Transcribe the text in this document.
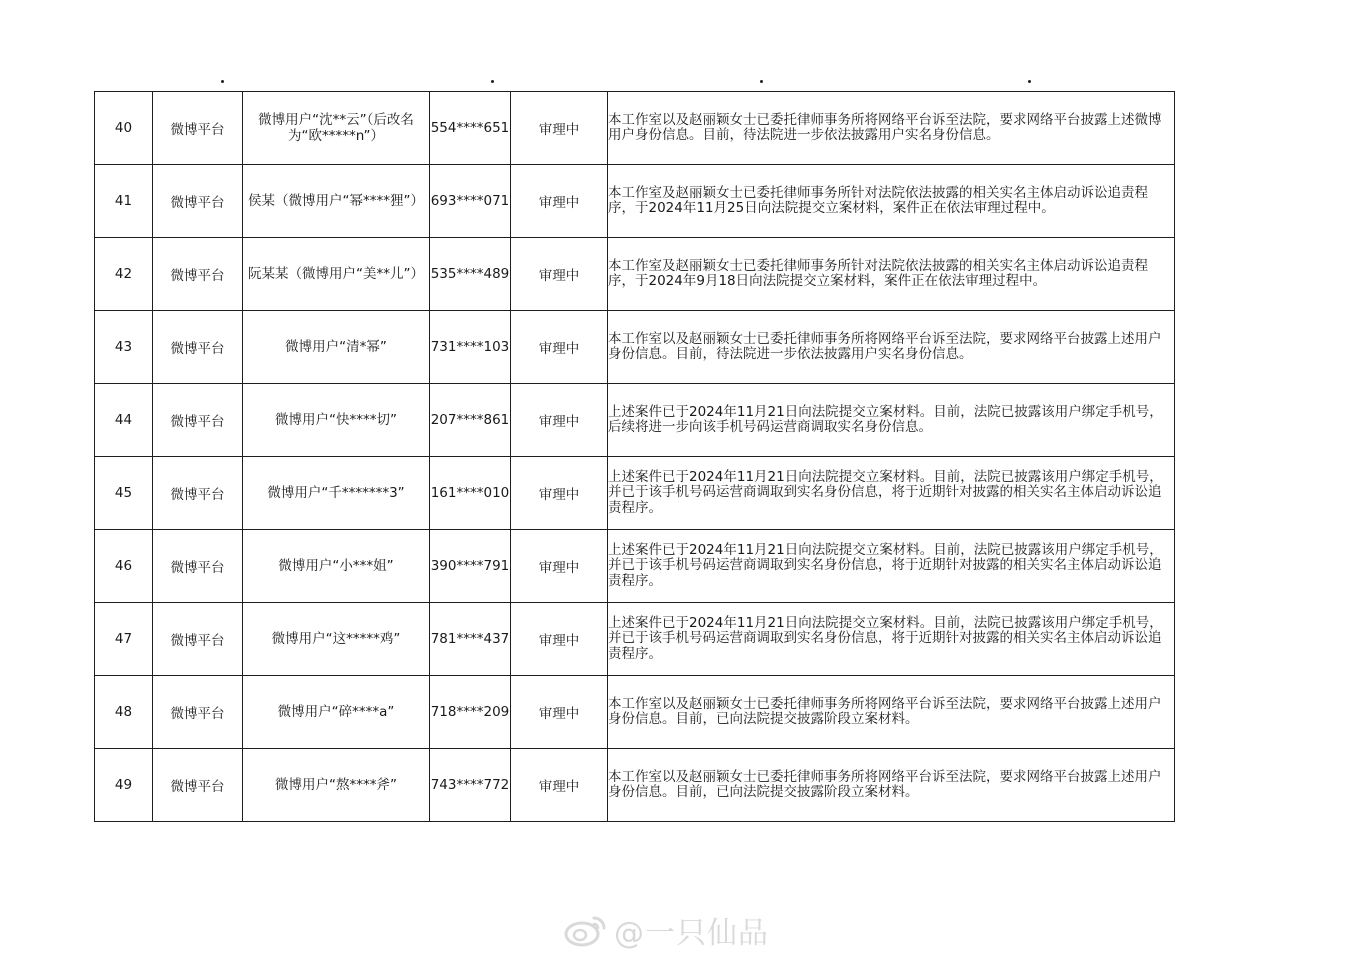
40	微博平台	微博用户“沈**云”（后改名为“欧*****n”）	554****651	审理中		本工作室以及赵丽颖女士已委托律师事务所将网络平台诉至法院，要求网络平台披露上述微博用户身份信息。目前，待法院进一步依法披露用户实名身份信息。
41	微博平台	侯某（微博用户“幂****狸”）	693****071	审理中		本工作室及赵丽颖女士已委托律师事务所针对法院依法披露的相关实名主体启动诉讼追责程序，于2024年11月25日向法院提交立案材料，案件正在依法审理过程中。
42	微博平台	阮某某（微博用户“美**儿”）	535****489	审理中		本工作室及赵丽颖女士已委托律师事务所针对法院依法披露的相关实名主体启动诉讼追责程序，于2024年9月18日向法院提交立案材料，案件正在依法审理过程中。
43	微博平台	微博用户“清*幂”	731****103	审理中		本工作室以及赵丽颖女士已委托律师事务所将网络平台诉至法院，要求网络平台披露上述用户身份信息。目前，待法院进一步依法披露用户实名身份信息。
44	微博平台	微博用户“快****切”	207****861	审理中		上述案件已于2024年11月21日向法院提交立案材料。目前，法院已披露该用户绑定手机号，后续将进一步向该手机号码运营商调取实名身份信息。
45	微博平台	微博用户“千*******3”	161****010	审理中		上述案件已于2024年11月21日向法院提交立案材料。目前，法院已披露该用户绑定手机号，并已于该手机号码运营商调取到实名身份信息，将于近期针对披露的相关实名主体启动诉讼追责程序。
46	微博平台	微博用户“小***姐”	390****791	审理中		上述案件已于2024年11月21日向法院提交立案材料。目前，法院已披露该用户绑定手机号，并已于该手机号码运营商调取到实名身份信息，将于近期针对披露的相关实名主体启动诉讼追责程序。
47	微博平台	微博用户“这*****鸡”	781****437	审理中		上述案件已于2024年11月21日向法院提交立案材料。目前，法院已披露该用户绑定手机号，并已于该手机号码运营商调取到实名身份信息，将于近期针对披露的相关实名主体启动诉讼追责程序。
48	微博平台	微博用户“碎****a”	718****209	审理中		本工作室以及赵丽颖女士已委托律师事务所将网络平台诉至法院，要求网络平台披露上述用户身份信息。目前，已向法院提交披露阶段立案材料。
49	微博平台	微博用户“熬****斧”	743****772	审理中		本工作室以及赵丽颖女士已委托律师事务所将网络平台诉至法院，要求网络平台披露上述用户身份信息。目前，已向法院提交披露阶段立案材料。
@一只仙品
